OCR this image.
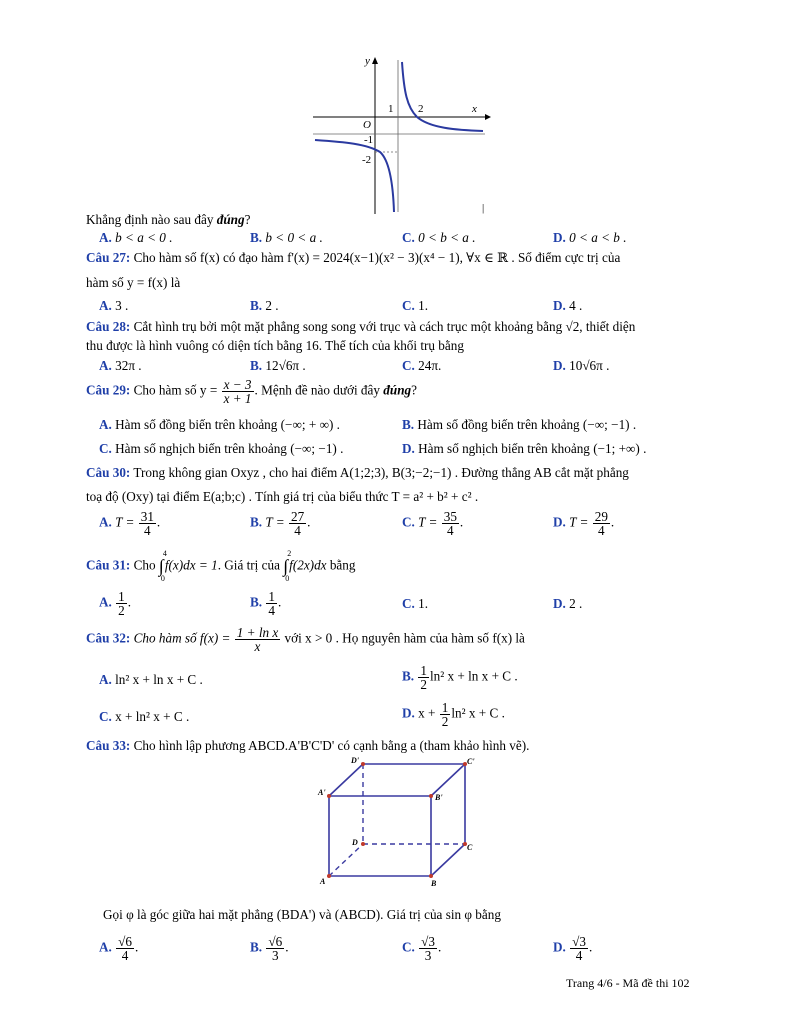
y
x
O
1 2
-1
-2
|
Khẳng định nào sau đây đúng?
A. b < a < 0 .	B. b < 0 < a .	C. 0 < b < a .	D. 0 < a < b .
Câu 27: Cho hàm số f(x) có đạo hàm f'(x) = 2024(x−1)(x² − 3)(x⁴ − 1), ∀x ∈ ℝ . Số điểm cực trị của
hàm số y = f(x) là
A. 3 .	B. 2 .	C. 1.	D. 4 .
Câu 28: Cắt hình trụ bởi một mặt phẳng song song với trục và cách trục một khoảng bằng √2, thiết diện
thu được là hình vuông có diện tích bằng 16. Thể tích của khối trụ bằng
A. 32π .	B. 12√6π .	C. 24π.	D. 10√6π .
Câu 29: Cho hàm số $y = \frac{x - 3}{x + 1}$ . Mệnh đề nào dưới đây đúng?
A. Hàm số đồng biến trên khoảng (−∞; + ∞) .	B. Hàm số đồng biến trên khoảng (−∞; −1) .
C. Hàm số nghịch biến trên khoảng (−∞; −1) .	D. Hàm số nghịch biến trên khoảng (−1; +∞) .
Câu 30: Trong không gian Oxyz , cho hai điểm A(1;2;3), B(3;−2;−1) . Đường thẳng AB cắt mặt phẳng
toạ độ (Oxy) tại điểm E(a;b;c) . Tính giá trị của biểu thức T = a² + b² + c² .
A. $T = \frac{31}{4}$ .	B. $T = \frac{27}{4}$ .	C. $T = \frac{35}{4}$ .	D. $T = \frac{29}{4}$ .
Câu 31: Cho ∫
4
0
f(x)dx = 1. Giá trị của ∫
2
0
f(2x)dx bằng
A. $\frac{1}{2}$ .	B. $\frac{1}{4}$ .	C. 1.	D. 2 .
Câu 32: Cho hàm số $f(x) = \frac{\text{1 + ln x}}{x}$ với x > 0 . Họ nguyên hàm của hàm số f(x) là
A. ln² x + ln x + C .	B. $\frac{1}{2} \ln^2$ x + ln x + C .
C. x + ln² x + C .	D. $x + \frac{1}{2} \ln^2$ x + C .
Câu 33: Cho hình lập phương ABCD.A'B'C'D' có cạnh bằng a (tham khảo hình vẽ).
A	B
C
D
A'
B'
C'
D'
Gọi φ là góc giữa hai mặt phẳng (BDA') và (ABCD). Giá trị của sin φ bằng
A. $\frac{√6}{4}$ .	B. $\frac{√6}{3}$ .	C. $\frac{√3}{3}$ .	D. $\frac{√3}{4}$ .
Trang 4/6 - Mã đề thi 102
